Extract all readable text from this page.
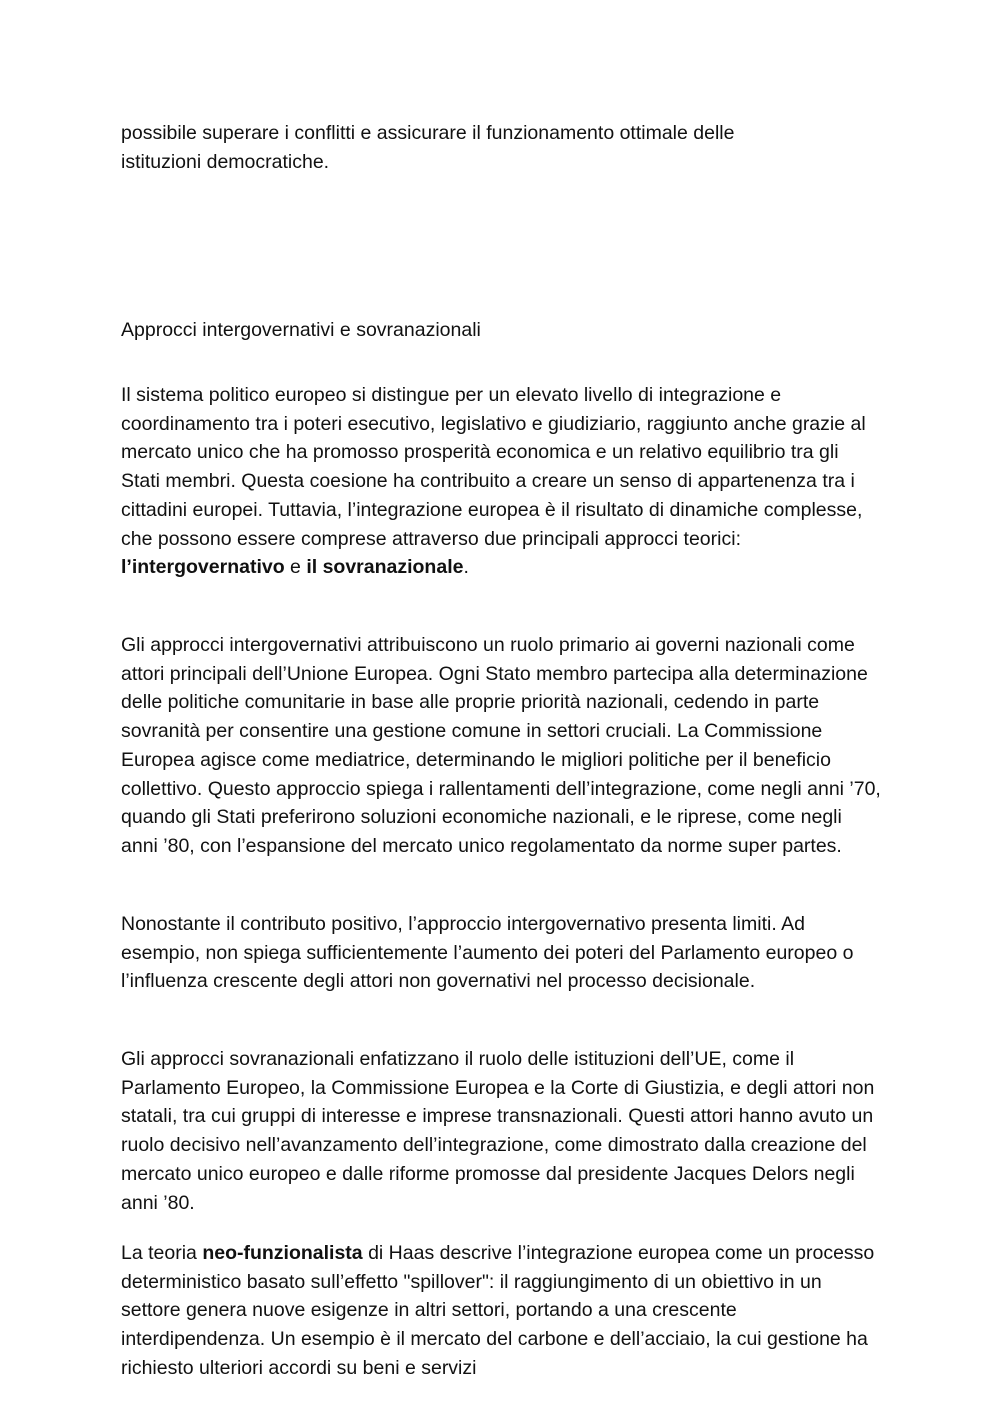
possibile superare i conflitti e assicurare il funzionamento ottimale delle
istituzioni democratiche.

Approcci intergovernativi e sovranazionali

Il sistema politico europeo si distingue per un elevato livello di integrazione e coordinamento tra i poteri esecutivo, legislativo e giudiziario, raggiunto anche grazie al mercato unico che ha promosso prosperità economica e un relativo equilibrio tra gli Stati membri. Questa coesione ha contribuito a creare un senso di appartenenza tra i cittadini europei. Tuttavia, l’integrazione europea è il risultato di dinamiche complesse, che possono essere comprese attraverso due principali approcci teorici: l’intergovernativo e il sovranazionale.

Gli approcci intergovernativi attribuiscono un ruolo primario ai governi nazionali come attori principali dell’Unione Europea. Ogni Stato membro partecipa alla determinazione delle politiche comunitarie in base alle proprie priorità nazionali, cedendo in parte sovranità per consentire una gestione comune in settori cruciali. La Commissione Europea agisce come mediatrice, determinando le migliori politiche per il beneficio collettivo. Questo approccio spiega i rallentamenti dell’integrazione, come negli anni ’70, quando gli Stati preferirono soluzioni economiche nazionali, e le riprese, come negli anni ’80, con l’espansione del mercato unico regolamentato da norme super partes.

Nonostante il contributo positivo, l’approccio intergovernativo presenta limiti. Ad esempio, non spiega sufficientemente l’aumento dei poteri del Parlamento europeo o l’influenza crescente degli attori non governativi nel processo decisionale.

Gli approcci sovranazionali enfatizzano il ruolo delle istituzioni dell’UE, come il Parlamento Europeo, la Commissione Europea e la Corte di Giustizia, e degli attori non statali, tra cui gruppi di interesse e imprese transnazionali. Questi attori hanno avuto un ruolo decisivo nell’avanzamento dell’integrazione, come dimostrato dalla creazione del mercato unico europeo e dalle riforme promosse dal presidente Jacques Delors negli anni ’80.

La teoria neo-funzionalista di Haas descrive l’integrazione europea come un processo deterministico basato sull’effetto "spillover": il raggiungimento di un obiettivo in un settore genera nuove esigenze in altri settori, portando a una crescente interdipendenza. Un esempio è il mercato del carbone e dell’acciaio, la cui gestione ha richiesto ulteriori accordi su beni e servizi
